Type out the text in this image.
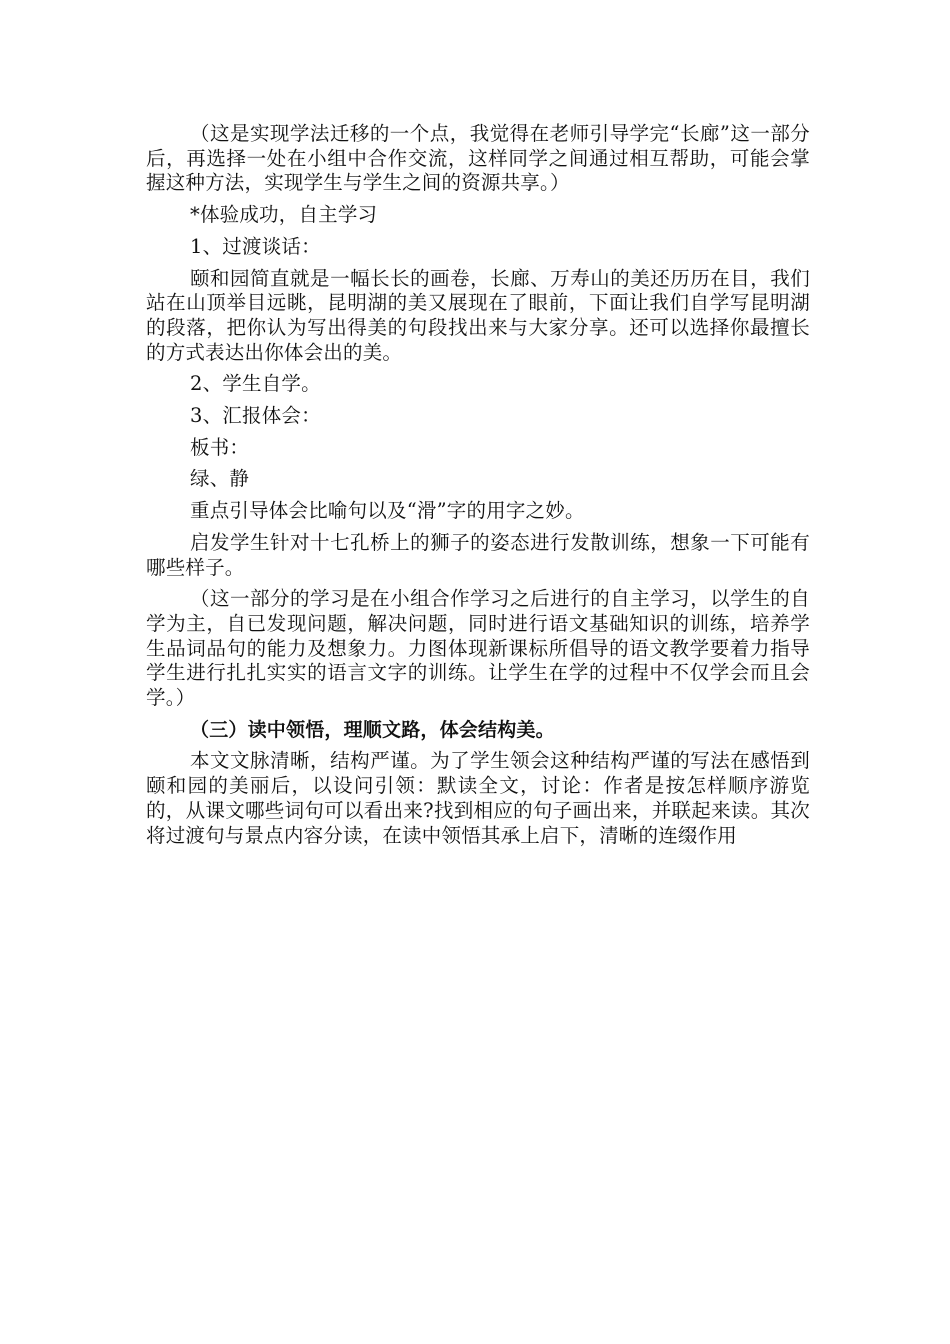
（这是实现学法迁移的一个点，我觉得在老师引导学完“长廊”这一部分后，再选择一处在小组中合作交流，这样同学之间通过相互帮助，可能会掌握这种方法，实现学生与学生之间的资源共享。）

*体验成功，自主学习

1、过渡谈话：

颐和园简直就是一幅长长的画卷，长廊、万寿山的美还历历在目，我们站在山顶举目远眺，昆明湖的美又展现在了眼前，下面让我们自学写昆明湖的段落，把你认为写出得美的句段找出来与大家分享。还可以选择你最擅长的方式表达出你体会出的美。

2、学生自学。

3、汇报体会：

板书：

绿、静

重点引导体会比喻句以及“滑”字的用字之妙。

启发学生针对十七孔桥上的狮子的姿态进行发散训练，想象一下可能有哪些样子。

（这一部分的学习是在小组合作学习之后进行的自主学习，以学生的自学为主，自已发现问题，解决问题，同时进行语文基础知识的训练，培养学生品词品句的能力及想象力。力图体现新课标所倡导的语文教学要着力指导学生进行扎扎实实的语言文字的训练。让学生在学的过程中不仅学会而且会学。）

（三）读中领悟，理顺文路，体会结构美。

本文文脉清晰，结构严谨。为了学生领会这种结构严谨的写法在感悟到颐和园的美丽后，以设问引领：默读全文，讨论：作者是按怎样顺序游览的，从课文哪些词句可以看出来?找到相应的句子画出来，并联起来读。其次将过渡句与景点内容分读，在读中领悟其承上启下，清晰的连缀作用
